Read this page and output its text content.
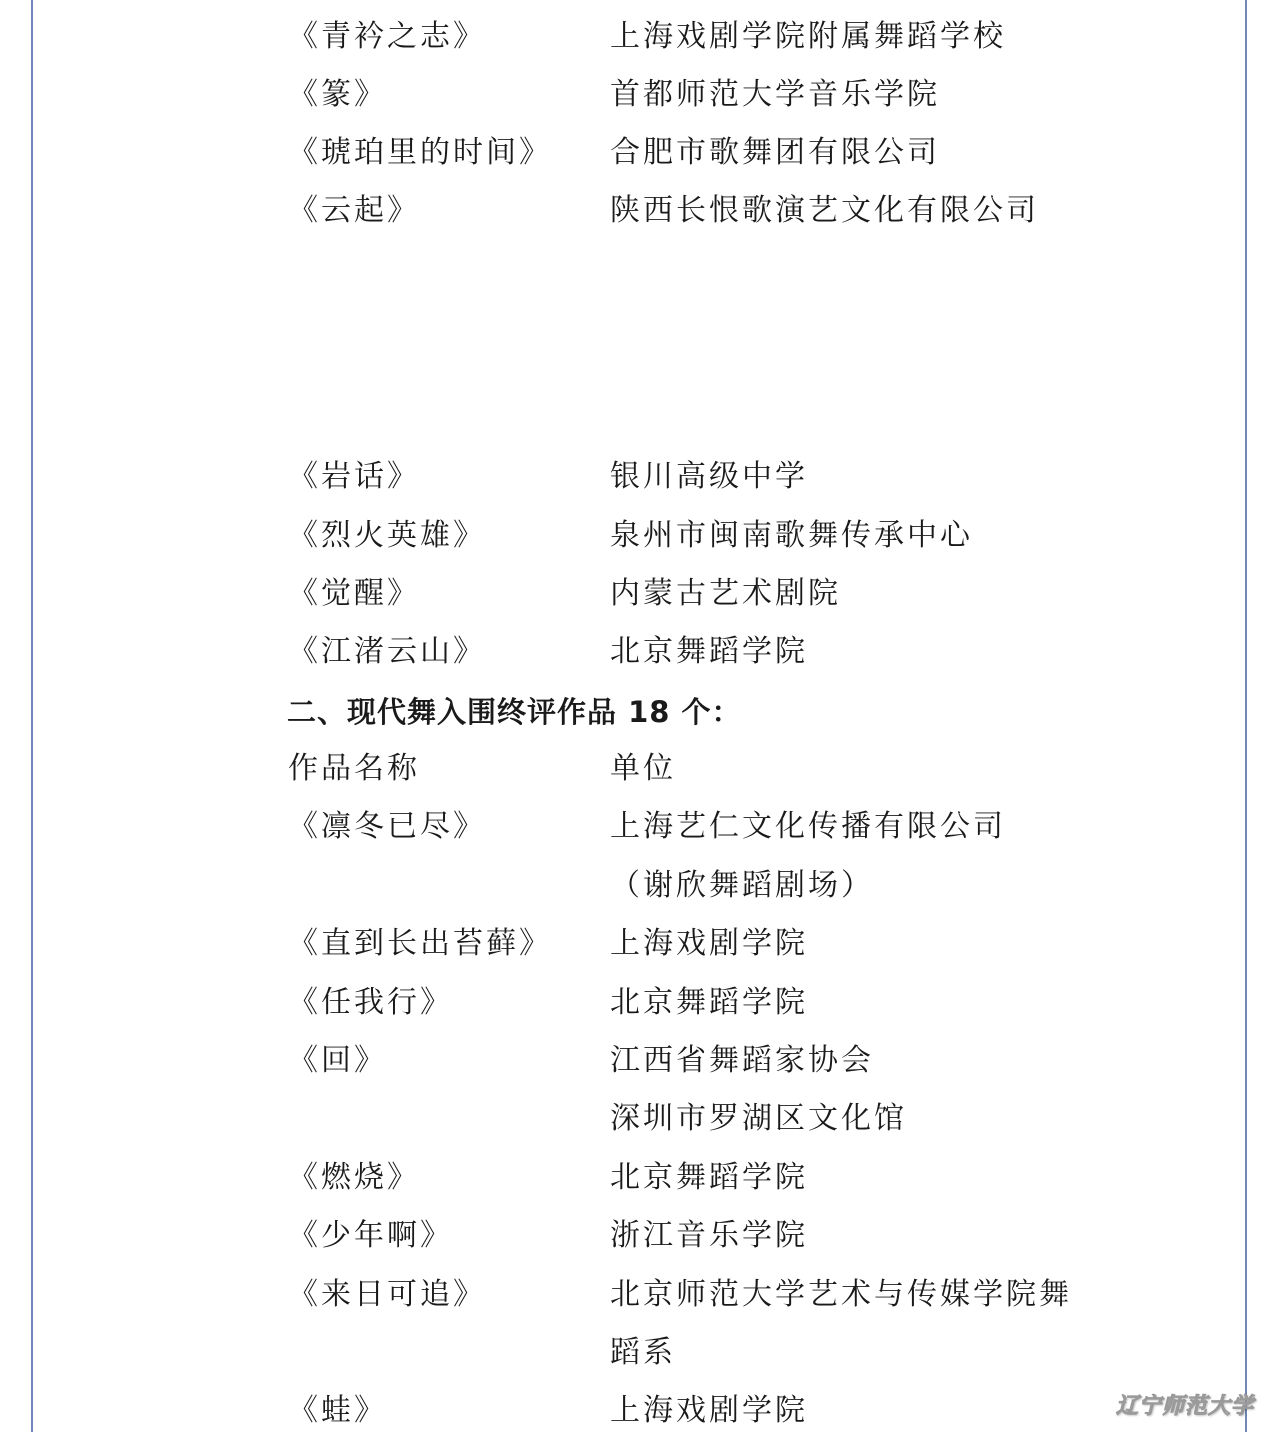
《青衿之志》	上海戏剧学院附属舞蹈学校
《篆》	首都师范大学音乐学院
《琥珀里的时间》 合肥市歌舞团有限公司
《云起》	陕西长恨歌演艺文化有限公司
《岩话》	银川高级中学
《烈火英雄》	泉州市闽南歌舞传承中心
《觉醒》	内蒙古艺术剧院
《江渚云山》	北京舞蹈学院
二、现代舞入围终评作品 18 个：
作品名称	单位
《凛冬已尽》	上海艺仁文化传播有限公司
（谢欣舞蹈剧场）
《直到长出苔藓》 上海戏剧学院
《任我行》	北京舞蹈学院
《回》	江西省舞蹈家协会
深圳市罗湖区文化馆
《燃烧》	北京舞蹈学院
《少年啊》	浙江音乐学院
《来日可追》	北京师范大学艺术与传媒学院舞
蹈系
《蛙》	上海戏剧学院	辽宁师范大学
